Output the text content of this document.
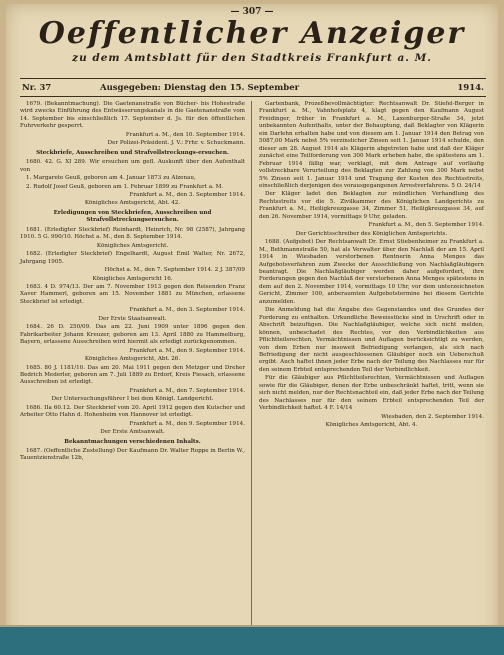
— 307 —
Oeffentlicher Anzeiger
zu dem Amtsblatt für den Stadtkreis Frankfurt a. M.
Nr. 37	Ausgegeben: Dienstag den 15. September	1914.

1679. (Bekanntmachung). Die Gaetenanstraße von Bücher- bis Hohestraße wird zwecks Einführung des Entwässerungskanals in die Gaetenanstraße vom 14. September bis einschließlich 17. September d. Js. für den öffentlichen Fuhrverkehr gesperrt.

Frankfurt a. M., den 10. September 1914.

Der Polizei-Präsident. J. V.: Frhr. v. Schuckmann.

Steckbriefe, Ausschreiben und Strafvollstreckungs-ersuchen.

1680. 42. G. XI 289. Wir ersuchen um gefl. Auskunft über den Aufenthalt von

1. Margarete Geuß, geboren am 4. Januar 1873 zu Alzenau,

2. Rudolf Josef Geuß, geboren am 1. Februar 1899 zu Frankfurt a. M.

Frankfurt a. M., den 3. September 1914.

Königliches Amtsgericht, Abt. 42.

Erledigungen von Steckbriefen, Ausschreiben und Strafvollstreckungsersuchen.

1681. (Erledigter Steckbrief) Reinhardt, Heinrich, Nr. 98 (2587), Jahrgang 1910. 5 G. 990/10. Höchst a. M., den 8. September 1914.

Königliches Amtsgericht.

1682. (Erledigter Steckbrief) Engelhardt, August Emil Walter, Nr. 2672, Jahrgang 1905.

Höchst a. M., den 7. September 1914. 2 J. 387/09

Königliches Amtsgericht 16.

1683. 4 D. 974/13. Der am 7. November 1913 gegen den Reisenden Franz Xaver Hammerl, geboren am 15. November 1881 zu München, erlassene Steckbrief ist erledigt.

Frankfurt a. M., den 3. September 1914.

Der Erste Staatsanwalt.

1684. 26 D. 250/09. Das am 22. Juni 1909 unter 1896 gegen den Fabrikarbeiter Johann Kreuzer, geboren am 13. April 1880 zu Hammelburg, Bayern, erlassene Ausschreiben wird hiermit als erledigt zurückgenommen.

Frankfurt a. M., den 9. September 1914.

Königliches Amtsgericht, Abt. 26.

1685. 80 J. 1181/10. Das am 20. Mai 1911 gegen den Metzger und Dreher Bedrich Mederler, geboren am 7. Juli 1889 zu Erdorf, Kreis Fiesach, erlassene Ausschreiben ist erledigt.

Frankfurt a. M., den 7. September 1914.

Der Untersuchungsführer I bei dem Königl. Landgericht.

1686. IIa 60.12. Der Steckbrief vom 20. April 1912 gegen den Kutscher und Arbeiter Otto Hahn d. Hohenheim von Hannover ist erledigt.

Frankfurt a. M., den 9. September 1914.

Der Erste Amtsanwalt.

Bekanntmachungen verschiedenen Inhalts.

1687. (Oeffentliche Zustellung) Der Kaufmann Dr. Walter Roppe in Berlin W., Tauentzienstraße 12b,

Gartenbank, Prozeßbevollmächtigter: Rechtsanwalt Dr. Stiefel-Berger in Frankfurt a. M., Vahnhofsplatz 4, klagt gegen den Kaufmann August Freidinger, früher in Frankfurt a. M., Laxenburger-Straße 34, jetzt unbekannten Aufenthalts, unter der Behauptung, daß Beklagter von Klägerin ein Darlehn erhalten habe und von diesem am 1. Januar 1914 den Betrag von 5087,00 Mark nebst 5% verzinslicher Zinsen seit 1. Januar 1914 schulde, den dieser am 28. August 1914 als Klägerin abgetreten habe und daß der Kläger zunächst eine Teilforderung von 300 Mark erheben habe, die spätestens am 1. Februar 1914 fällig war, verklagt, mit dem Antrage auf vorläufig vollstreckbare Verurteilung des Beklagten zur Zahlung von 300 Mark nebst 5% Zinsen seit 1. Januar 1914 und Tragung der Kosten des Rechtsstreits, einschließlich derjenigen des vorausgegangenen Arrestverfahrens. 5 O. 24/14

Der Kläger ladet den Beklagten zur mündlichen Verhandlung des Rechtsstreits vor die 5. Zivilkammer des Königlichen Landgerichts zu Frankfurt a. M., Heiligkreuzgasse 34, Zimmer 51, Heiligkreuzgasse 34, auf den 26. November 1914, vormittags 9 Uhr, geladen.

Frankfurt a. M., den 5. September 1914.

Der Gerichtsschreiber des Königlichen Amtsgerichts.

1688. (Aufgebot) Der Rechtsanwalt Dr. Ernst Stiebenheimer zu Frankfurt a. M., Bethmannstraße 50, hat als Verwalter über den Nachlaß der am 15. April 1914 in Wiesbaden verstorbenen Rentnerin Anna Menges das Aufgebotsverfahren zum Zwecke der Ausschließung von Nachlaßgläubigern beantragt. Die Nachlaßgläubiger werden daher aufgefordert, ihre Forderungen gegen den Nachlaß der verstorbenen Anna Menges spätestens in dem auf den 2. November 1914, vormittags 10 Uhr, vor dem unterzeichneten Gericht, Zimmer 100, anberaumten Aufgebotstermine bei diesem Gerichte anzumelden.

Die Anmeldung hat die Angabe des Gegenstandes und des Grundes der Forderung zu enthalten. Urkundliche Beweisstücke sind in Urschrift oder in Abschrift beizufügen. Die Nachlaßgläubiger, welche sich nicht melden, können, unbeschadet des Rechtes, vor den Verbindlichkeiten aus Pflichtteilsrechten, Vermächtnissen und Auflagen berücksichtigt zu werden, von dem Erben nur insoweit Befriedigung verlangen, als sich nach Befriedigung der nicht ausgeschlossenen Gläubiger noch ein Ueberschuß ergibt. Auch haftet ihnen jeder Erbe nach der Teilung des Nachlasses nur für den seinem Erbteil entsprechenden Teil der Verbindlichkeit.

Für die Gläubiger aus Pflichtteilsrechten, Vermächtnissen und Auflagen sowie für die Gläubiger, denen der Erbe unbeschränkt haftet, tritt, wenn sie sich nicht melden, nur der Rechtsnachteil ein, daß jeder Erbe nach der Teilung des Nachlasses nur für den seinem Erbteil entsprechenden Teil der Verbindlichkeit haftet. 4 F. 14/14

Wiesbaden, den 2. September 1914.

Königliches Amtsgericht, Abt. 4.
